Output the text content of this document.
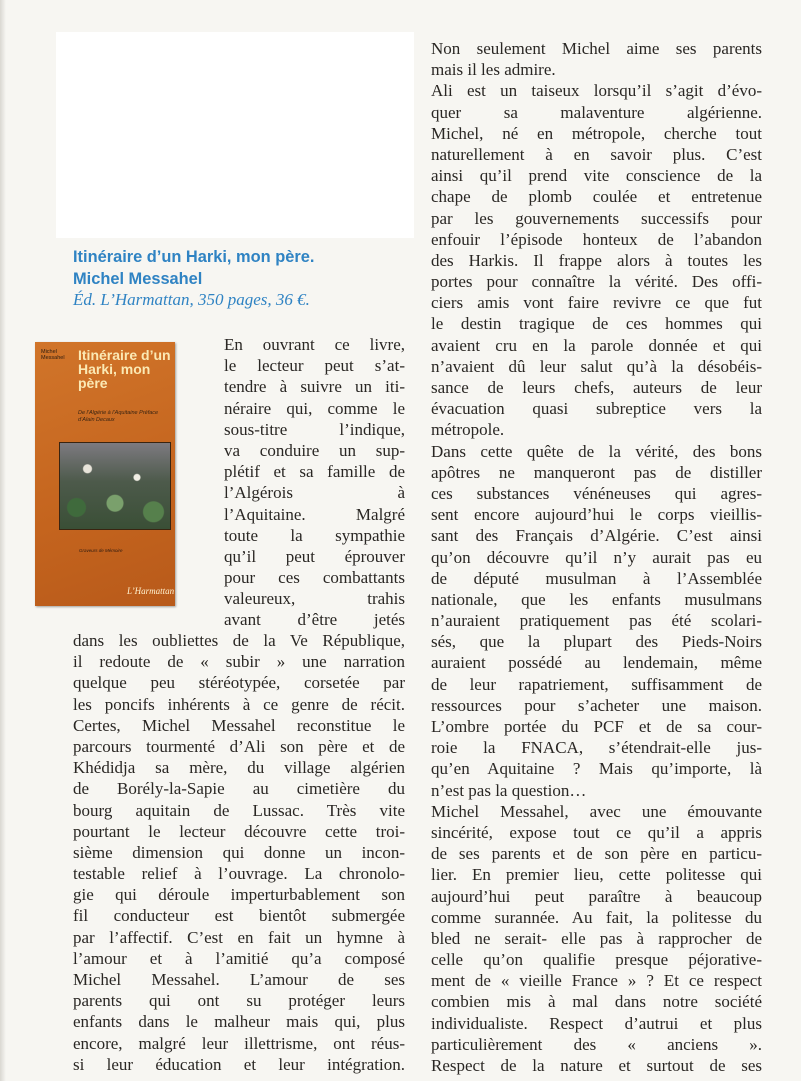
Itinéraire d’un Harki, mon père.
Michel Messahel
Éd. L’Harmattan, 350 pages, 36 €.
Michel Messahel Itinéraire d’un Harki, mon père
De l’Algérie à l’Aquitaine Préface d’Alain Decaux
Graveurs de Mémoire
L’Harmattan

En ouvrant ce livre,

le lecteur peut s’at-

tendre à suivre un iti-

néraire qui, comme le

sous-titre l’indique,

va conduire un sup-

plétif et sa famille de

l’Algérois à

l’Aquitaine. Malgré

toute la sympathie

qu’il peut éprouver

pour ces combattants

valeureux, trahis

avant d’être jetés

dans les oubliettes de la Ve République,

il redoute de « subir » une narration

quelque peu stéréotypée, corsetée par

les poncifs inhérents à ce genre de récit.

Certes, Michel Messahel reconstitue le

parcours tourmenté d’Ali son père et de

Khédidja sa mère, du village algérien

de Borély-la-Sapie au cimetière du

bourg aquitain de Lussac. Très vite

pourtant le lecteur découvre cette troi-

sième dimension qui donne un incon-

testable relief à l’ouvrage. La chronolo-

gie qui déroule imperturbablement son

fil conducteur est bientôt submergée

par l’affectif. C’est en fait un hymne à

l’amour et à l’amitié qu’a composé

Michel Messahel. L’amour de ses

parents qui ont su protéger leurs

enfants dans le malheur mais qui, plus

encore, malgré leur illettrisme, ont réus-

si leur éducation et leur intégration.

Non seulement Michel aime ses parents

mais il les admire.

Ali est un taiseux lorsqu’il s’agit d’évo-

quer sa malaventure algérienne.

Michel, né en métropole, cherche tout

naturellement à en savoir plus. C’est

ainsi qu’il prend vite conscience de la

chape de plomb coulée et entretenue

par les gouvernements successifs pour

enfouir l’épisode honteux de l’abandon

des Harkis. Il frappe alors à toutes les

portes pour connaître la vérité. Des offi-

ciers amis vont faire revivre ce que fut

le destin tragique de ces hommes qui

avaient cru en la parole donnée et qui

n’avaient dû leur salut qu’à la désobéis-

sance de leurs chefs, auteurs de leur

évacuation quasi subreptice vers la

métropole.

Dans cette quête de la vérité, des bons

apôtres ne manqueront pas de distiller

ces substances vénéneuses qui agres-

sent encore aujourd’hui le corps vieillis-

sant des Français d’Algérie. C’est ainsi

qu’on découvre qu’il n’y aurait pas eu

de député musulman à l’Assemblée

nationale, que les enfants musulmans

n’auraient pratiquement pas été scolari-

sés, que la plupart des Pieds-Noirs

auraient possédé au lendemain, même

de leur rapatriement, suffisamment de

ressources pour s’acheter une maison.

L’ombre portée du PCF et de sa cour-

roie la FNACA, s’étendrait-elle jus-

qu’en Aquitaine ? Mais qu’importe, là

n’est pas la question…

Michel Messahel, avec une émouvante

sincérité, expose tout ce qu’il a appris

de ses parents et de son père en particu-

lier. En premier lieu, cette politesse qui

aujourd’hui peut paraître à beaucoup

comme surannée. Au fait, la politesse du

bled ne serait- elle pas à rapprocher de

celle qu’on qualifie presque péjorative-

ment de « vieille France » ? Et ce respect

combien mis à mal dans notre société

individualiste. Respect d’autrui et plus

particulièrement des « anciens ».

Respect de la nature et surtout de ses
